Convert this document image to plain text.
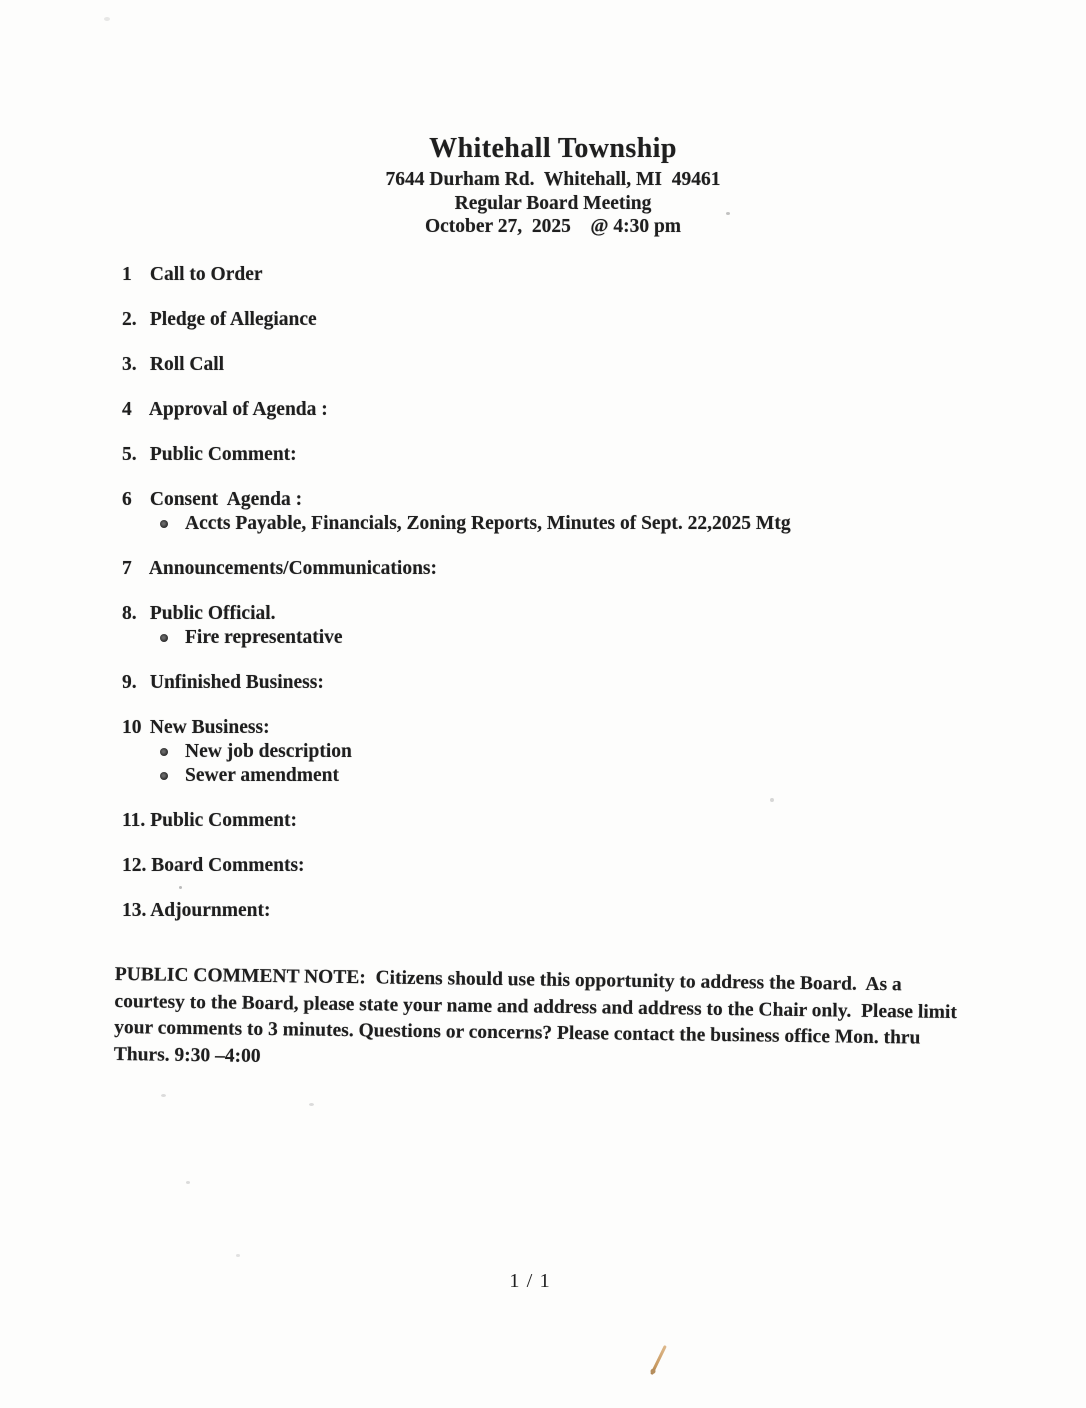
Whitehall Township
7644 Durham Rd.  Whitehall, MI  49461
Regular Board Meeting
October 27,  2025    @ 4:30 pm
1 Call to Order
2. Pledge of Allegiance
3. Roll Call
4 Approval of Agenda :
5. Public Comment:
6 Consent  Agenda :
Accts Payable, Financials, Zoning Reports, Minutes of Sept. 22,2025 Mtg
7 Announcements/Communications:
8. Public Official.
Fire representative
9. Unfinished Business:
10 New Business:
New job description
Sewer amendment
11. Public Comment:
12. Board Comments:
13. Adjournment:

PUBLIC COMMENT NOTE:  Citizens should use this opportunity to address the Board.  As a
courtesy to the Board, please state your name and address and address to the Chair only.  Please limit
your comments to 3 minutes. Questions or concerns? Please contact the business office Mon. thru
Thurs. 9:30 –4:00

1 / 1
